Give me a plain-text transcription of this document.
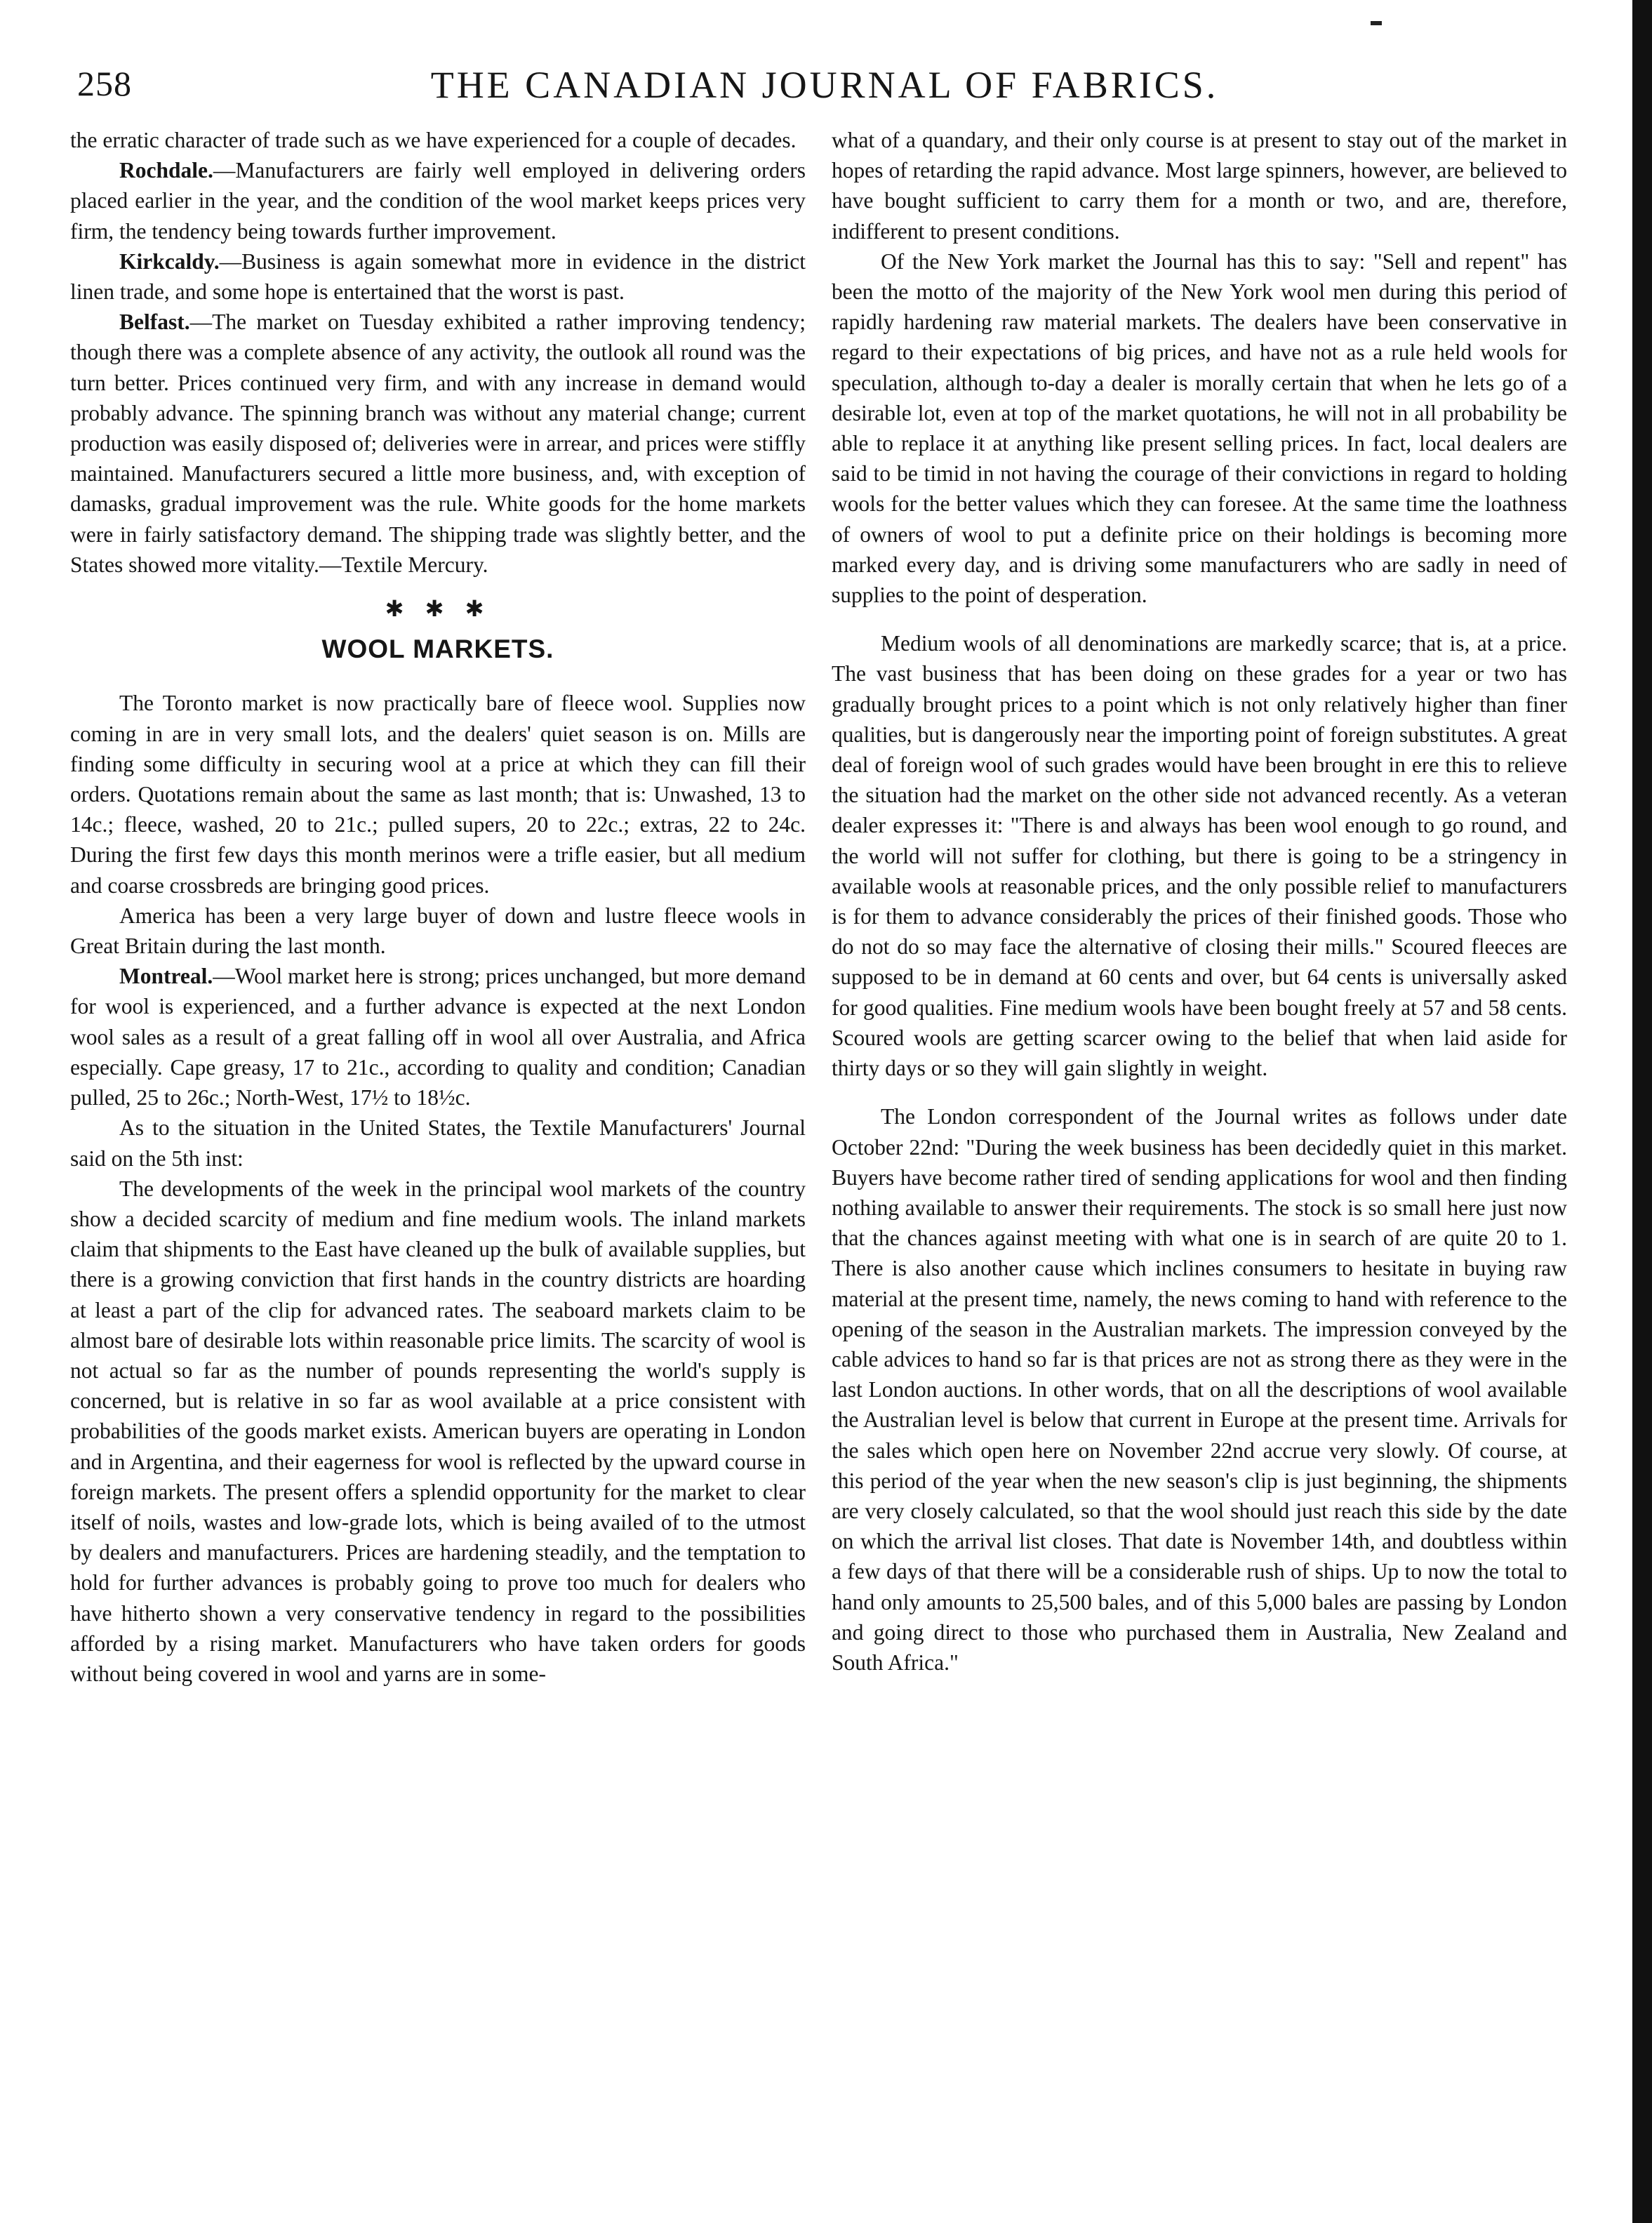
258	THE CANADIAN JOURNAL OF FABRICS.

the erratic character of trade such as we have experienced for a couple of decades.

Rochdale.—Manufacturers are fairly well employed in delivering orders placed earlier in the year, and the condition of the wool market keeps prices very firm, the tendency being towards further improvement.

Kirkcaldy.—Business is again somewhat more in evidence in the district linen trade, and some hope is entertained that the worst is past.

Belfast.—The market on Tuesday exhibited a rather improving tendency; though there was a complete absence of any activity, the outlook all round was the turn better. Prices continued very firm, and with any increase in demand would probably advance. The spinning branch was without any material change; current production was easily disposed of; deliveries were in arrear, and prices were stiffly maintained. Manufacturers secured a little more business, and, with exception of damasks, gradual improvement was the rule. White goods for the home markets were in fairly satisfactory demand. The shipping trade was slightly better, and the States showed more vitality.—Textile Mercury.

✱ ✱ ✱
WOOL MARKETS.

The Toronto market is now practically bare of fleece wool. Supplies now coming in are in very small lots, and the dealers' quiet season is on. Mills are finding some difficulty in securing wool at a price at which they can fill their orders. Quotations remain about the same as last month; that is: Unwashed, 13 to 14c.; fleece, washed, 20 to 21c.; pulled supers, 20 to 22c.; extras, 22 to 24c. During the first few days this month merinos were a trifle easier, but all medium and coarse crossbreds are bringing good prices.

America has been a very large buyer of down and lustre fleece wools in Great Britain during the last month.

Montreal.—Wool market here is strong; prices unchanged, but more demand for wool is experienced, and a further advance is expected at the next London wool sales as a result of a great falling off in wool all over Australia, and Africa especially. Cape greasy, 17 to 21c., according to quality and condition; Canadian pulled, 25 to 26c.; North-West, 17½ to 18½c.

As to the situation in the United States, the Textile Manufacturers' Journal said on the 5th inst:

The developments of the week in the principal wool markets of the country show a decided scarcity of medium and fine medium wools. The inland markets claim that shipments to the East have cleaned up the bulk of available supplies, but there is a growing conviction that first hands in the country districts are hoarding at least a part of the clip for advanced rates. The seaboard markets claim to be almost bare of desirable lots within reasonable price limits. The scarcity of wool is not actual so far as the number of pounds representing the world's supply is concerned, but is relative in so far as wool available at a price consistent with probabilities of the goods market exists. American buyers are operating in London and in Argentina, and their eagerness for wool is reflected by the upward course in foreign markets. The present offers a splendid opportunity for the market to clear itself of noils, wastes and low-grade lots, which is being availed of to the utmost by dealers and manufacturers. Prices are hardening steadily, and the temptation to hold for further advances is probably going to prove too much for dealers who have hitherto shown a very conservative tendency in regard to the possibilities afforded by a rising market. Manufacturers who have taken orders for goods without being covered in wool and yarns are in some-

what of a quandary, and their only course is at present to stay out of the market in hopes of retarding the rapid advance. Most large spinners, however, are believed to have bought sufficient to carry them for a month or two, and are, therefore, indifferent to present conditions.

Of the New York market the Journal has this to say: "Sell and repent" has been the motto of the majority of the New York wool men during this period of rapidly hardening raw material markets. The dealers have been conservative in regard to their expectations of big prices, and have not as a rule held wools for speculation, although to-day a dealer is morally certain that when he lets go of a desirable lot, even at top of the market quotations, he will not in all probability be able to replace it at anything like present selling prices. In fact, local dealers are said to be timid in not having the courage of their convictions in regard to holding wools for the better values which they can foresee. At the same time the loathness of owners of wool to put a definite price on their holdings is becoming more marked every day, and is driving some manufacturers who are sadly in need of supplies to the point of desperation.

Medium wools of all denominations are markedly scarce; that is, at a price. The vast business that has been doing on these grades for a year or two has gradually brought prices to a point which is not only relatively higher than finer qualities, but is dangerously near the importing point of foreign substitutes. A great deal of foreign wool of such grades would have been brought in ere this to relieve the situation had the market on the other side not advanced recently. As a veteran dealer expresses it: "There is and always has been wool enough to go round, and the world will not suffer for clothing, but there is going to be a stringency in available wools at reasonable prices, and the only possible relief to manufacturers is for them to advance considerably the prices of their finished goods. Those who do not do so may face the alternative of closing their mills." Scoured fleeces are supposed to be in demand at 60 cents and over, but 64 cents is universally asked for good qualities. Fine medium wools have been bought freely at 57 and 58 cents. Scoured wools are getting scarcer owing to the belief that when laid aside for thirty days or so they will gain slightly in weight.

The London correspondent of the Journal writes as follows under date October 22nd: "During the week business has been decidedly quiet in this market. Buyers have become rather tired of sending applications for wool and then finding nothing available to answer their requirements. The stock is so small here just now that the chances against meeting with what one is in search of are quite 20 to 1. There is also another cause which inclines consumers to hesitate in buying raw material at the present time, namely, the news coming to hand with reference to the opening of the season in the Australian markets. The impression conveyed by the cable advices to hand so far is that prices are not as strong there as they were in the last London auctions. In other words, that on all the descriptions of wool available the Australian level is below that current in Europe at the present time. Arrivals for the sales which open here on November 22nd accrue very slowly. Of course, at this period of the year when the new season's clip is just beginning, the shipments are very closely calculated, so that the wool should just reach this side by the date on which the arrival list closes. That date is November 14th, and doubtless within a few days of that there will be a considerable rush of ships. Up to now the total to hand only amounts to 25,500 bales, and of this 5,000 bales are passing by London and going direct to those who purchased them in Australia, New Zealand and South Africa."
